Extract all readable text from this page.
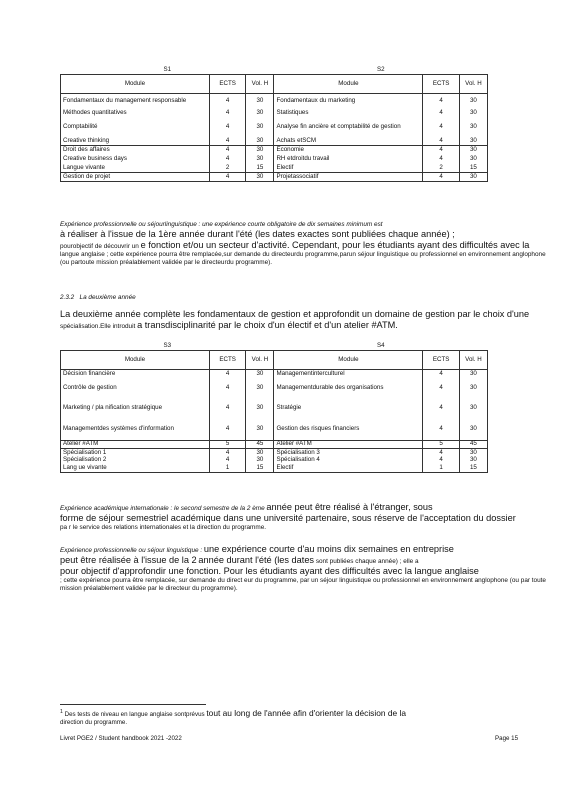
S1			S2		
Module	ECTS	Vol. H	Module	ECTS	Vol. H
Fondamentaux du management responsable	4	30	Fondamentaux du marketing	4	30
Méthodes quantitatives	4	30	Statistiques	4	30
Comptabilité	4	30	Analyse fin ancière et comptabilité de gestion	4	30
Creative thinking	4	30	Achats etSCM	4	30
Droit des affaires	4	30	Economie	4	30
Creative business days	4	30	RH etdroitdu travail	4	30
Langue vivante	2	15	Electif	2	15
Gestion de projet	4	30	Projetassociatif	4	30
Expérience professionnelle ou séjourlinguistique : une expérience courte obligatoire de dix semaines minimum est
à réaliser à l'issue de la 1ère année durant l'été (les dates exactes sont publiées chaque année) ;
pourobjectif de découvrir un e fonction et/ou un secteur d'activité. Cependant, pour les étudiants ayant des difficultés avec la
langue anglaise ; cette expérience pourra être remplacée,sur demande du directeurdu programme,parun séjour linguistique ou professionnel en environnement anglophone (ou partoute mission préalablement validée par le directeurdu programme).
2.3.2 La deuxième année
La deuxième année complète les fondamentaux de gestion et approfondit un domaine de gestion par le choix d'une
spécialisation.Elle introduit a transdisciplinarité par le choix d'un électif et d'un atelier #ATM.
S3			S4		
Module	ECTS	Vol. H	Module	ECTS	Vol. H
Décision financière	4	30	Managementinterculturel	4	30
Contrôle de gestion	4	30	Managementdurable des organisations	4	30
Marketing / pla nification stratégique	4	30	Stratégie	4	30
Managementdes systèmes d'information	4	30	Gestion des risques financiers	4	30
Atelier #ATM	5	45	Atelier #ATM	5	45
Spécialisation 1	4	30	Spécialisation 3	4	30
Spécialisation 2	4	30	Spécialisation 4	4	30
Lang ue vivante	1	15	Electif	1	15
Expérience académique internationale : le second semestre de la 2 ème année peut être réalisé à l'étranger, sous
forme de séjour semestriel académique dans une université partenaire, sous réserve de l'acceptation du dossier
pa r le service des relations internationales et la direction du programme.
Expérience professionnelle ou séjour linguistique : une expérience courte d'au moins dix semaines en entreprise
peut être réalisée à l'issue de la 2 année durant l'été (les dates sont publiées chaque année) ; elle a
pour objectif d'approfondir une fonction. Pour les étudiants ayant des difficultés avec la langue anglaise
; cette expérience pourra être remplacée, sur demande du direct eur du programme, par un séjour linguistique ou professionnel en environnement anglophone (ou par toute mission préalablement validée par le directeur du programme).
$^1$ Des tests de niveau en langue anglaise sontprévus tout au long de l'année afin d'orienter la décision de la
direction du programme.
Livret PGE2 / Student handbook 2021 -2022	Page 15
